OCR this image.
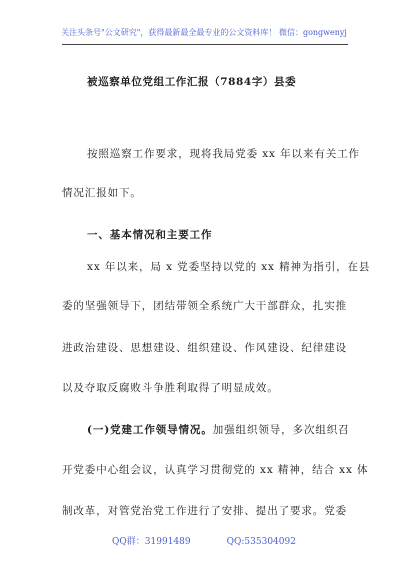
关注头条号"公文研究"，获得最新最全最专业的公文资料库！ 微信：gongwenyj
被巡察单位党组工作汇报（7884字）县委
按照巡察工作要求，现将我局党委 xx 年以来有关工作
情况汇报如下。
一、基本情况和主要工作
xx 年以来，局 x 党委坚持以党的 xx 精神为指引，在县
委的坚强领导下，团结带领全系统广大干部群众，扎实推
进政治建设、思想建设、组织建设、作风建设、纪律建设
以及夺取反腐败斗争胜利取得了明显成效。
(一)党建工作领导情况。加强组织领导，多次组织召
开党委中心组会议，认真学习贯彻党的 xx 精神，结合 xx 体
制改革，对管党治党工作进行了安排、提出了要求。党委
QQ群：31991489	QQ:535304092
